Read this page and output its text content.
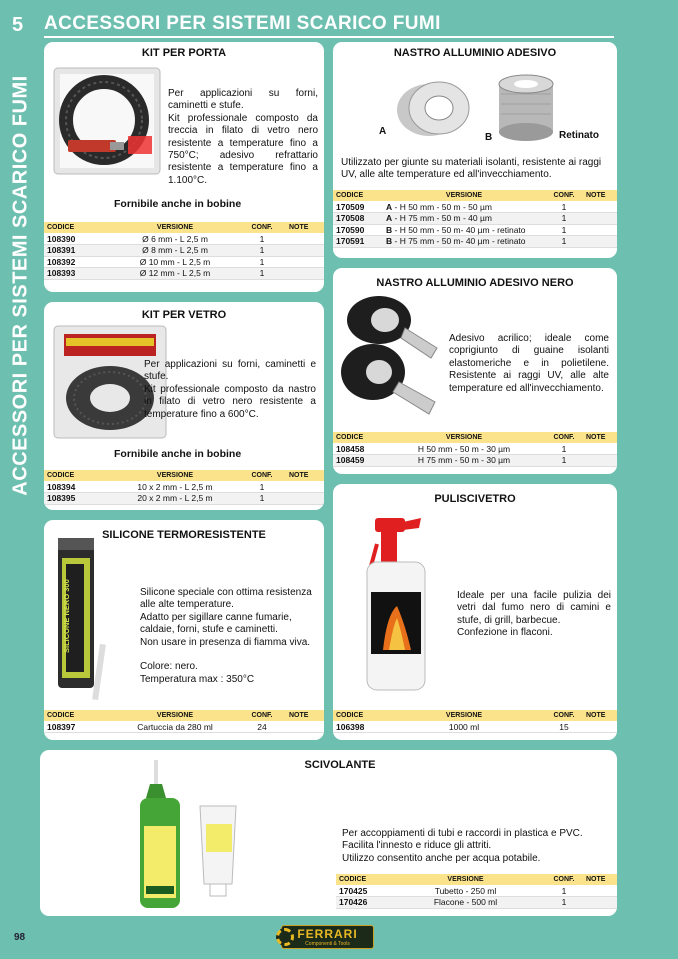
5
ACCESSORI PER SISTEMI SCARICO FUMI
ACCESSORI PER SISTEMI SCARICO FUMI
KIT PER PORTA
Per applicazioni su forni, caminetti e stufe.
Kit professionale composto da treccia in filato di vetro nero resistente a temperature fino a 750°C; adesivo refrattario resistente a temperature fino a 1.100°C.
Fornibile anche in bobine
CODICE	VERSIONE	CONF.	NOTE
108390	Ø 6 mm - L 2,5 m	1	
108391	Ø 8 mm - L 2,5 m	1	
108392	Ø 10 mm - L 2,5 m	1	
108393	Ø 12 mm - L 2,5 m	1	
KIT PER VETRO
Per applicazioni su forni, caminetti e stufe.
Kit professionale composto da nastro in filato di vetro nero resistente a temperature fino a 600°C.
Fornibile anche in bobine
CODICE	VERSIONE	CONF.	NOTE
108394	10 x 2 mm - L 2,5 m	1	
108395	20 x 2 mm - L 2,5 m	1	
SILICONE TERMORESISTENTE
SILICONE NERO 300	Silicone speciale con ottima resistenza alle alte temperature.
Adatto per sigillare canne fumarie, caldaie, forni, stufe e caminetti.
Non usare in presenza di fiamma viva.

Colore: nero.
Temperatura max : 350°C
CODICE	VERSIONE	CONF.	NOTE
108397	Cartuccia da 280 ml	24	
NASTRO ALLUMINIO ADESIVO
A
B	Retinato
Utilizzato per giunte su materiali isolanti, resistente ai raggi UV, alle alte temperature ed all'invecchiamento.
CODICE	VERSIONE	CONF.	NOTE
170509	A - H 50 mm - 50 m - 50 µm	1	
170508	A - H 75 mm - 50 m - 40 µm	1	
170590	B - H 50 mm - 50 m- 40 µm - retinato	1	
170591	B - H 75 mm - 50 m- 40 µm - retinato	1	
NASTRO ALLUMINIO ADESIVO NERO
Adesivo acrilico; ideale come coprigiunto di guaine isolanti elastomeriche e in polietilene. Resistente ai raggi UV, alle alte temperature ed all'invecchiamento.
CODICE	VERSIONE	CONF.	NOTE
108458	H 50 mm - 50 m - 30 µm	1	
108459	H 75 mm - 50 m - 30 µm	1	
PULISCIVETRO
Ideale per una facile pulizia dei vetri dal fumo nero di camini e stufe, di grill, barbecue.
Confezione in flaconi.
CODICE	VERSIONE	CONF.	NOTE
106398	1000 ml	15	
SCIVOLANTE
Per accoppiamenti di tubi e raccordi in plastica e PVC.
Facilita l'innesto e riduce gli attriti.
Utilizzo consentito anche per acqua potabile.
CODICE	VERSIONE	CONF.	NOTE
170425	Tubetto - 250 ml	1	
170426	Flacone - 500 ml	1	
98	FERRARI
Componenti & Tools
